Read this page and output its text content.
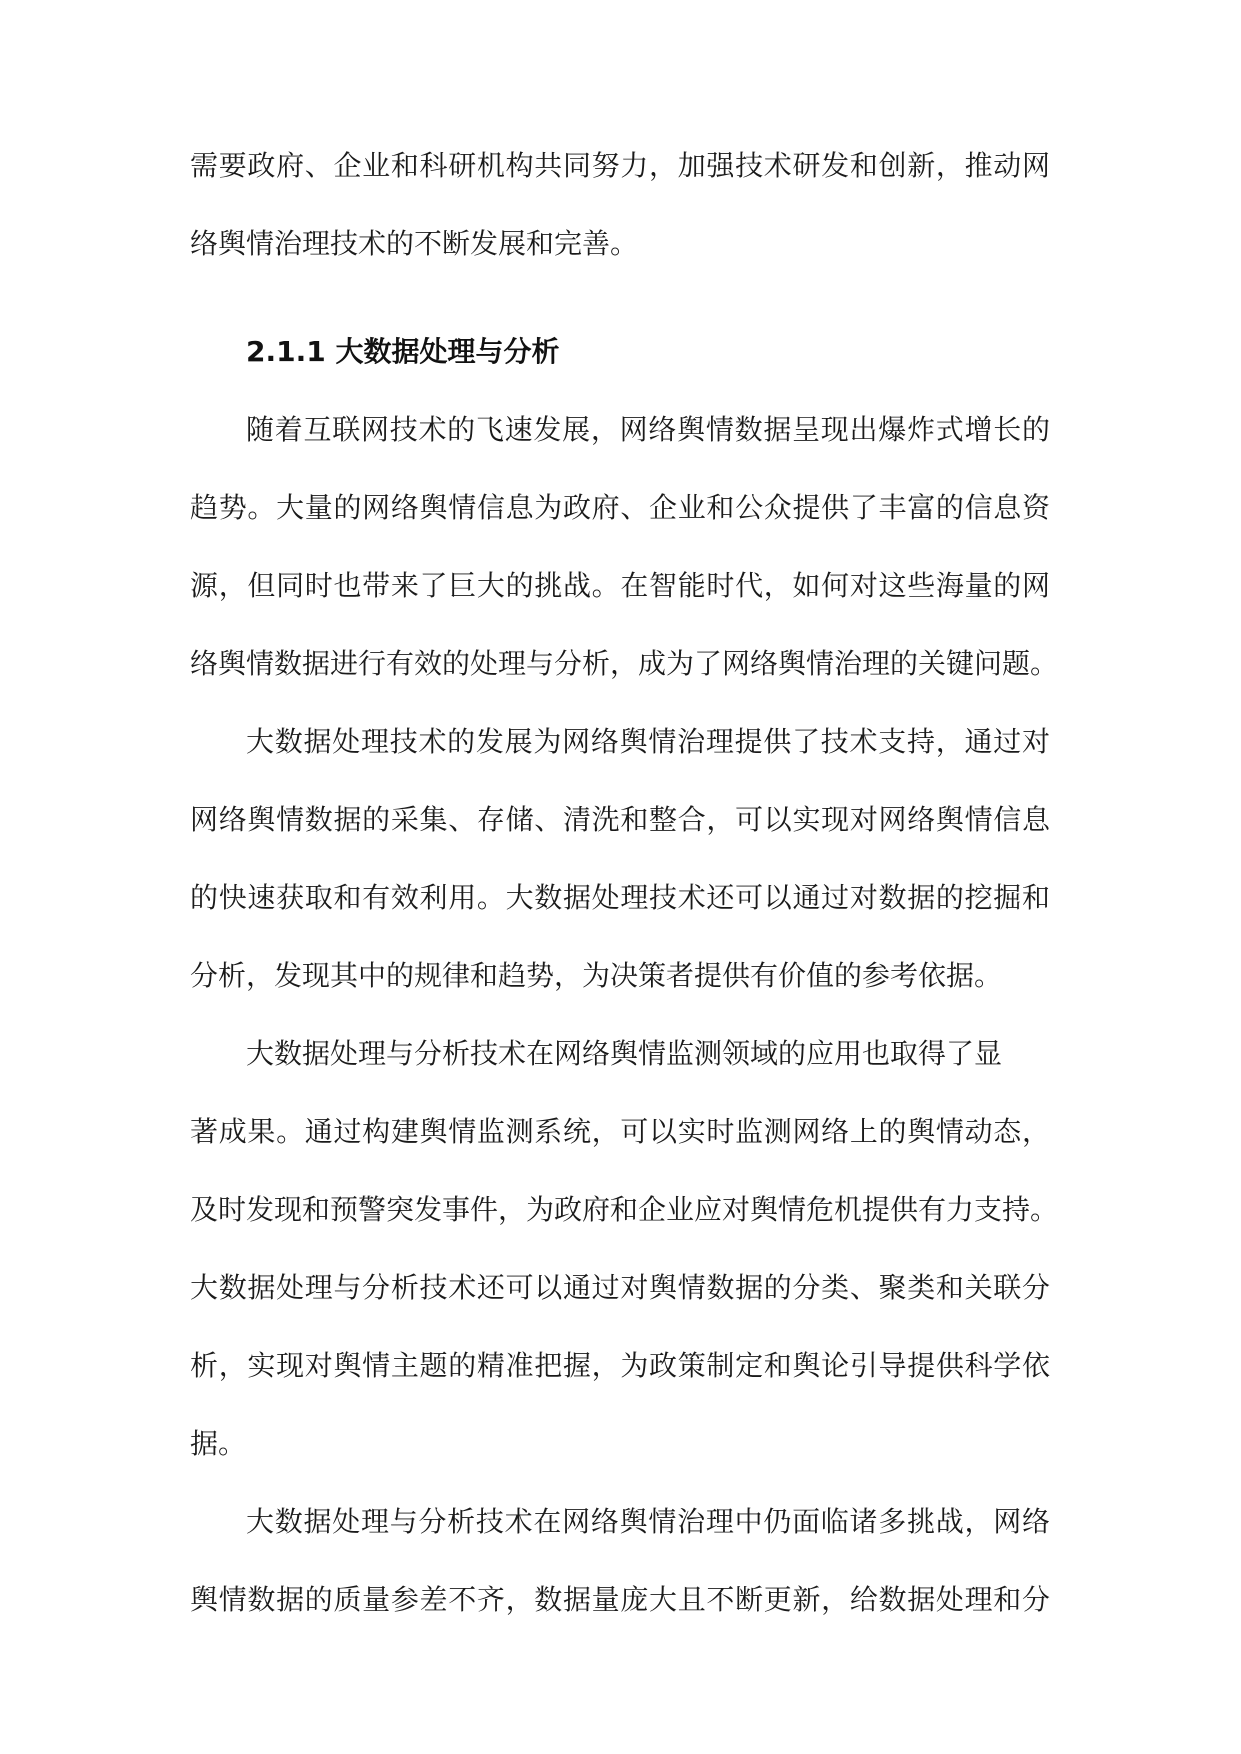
需要政府、企业和科研机构共同努力，加强技术研发和创新，推动网
络舆情治理技术的不断发展和完善。
2.1.1 大数据处理与分析
随着互联网技术的飞速发展，网络舆情数据呈现出爆炸式增长的
趋势。大量的网络舆情信息为政府、企业和公众提供了丰富的信息资
源，但同时也带来了巨大的挑战。在智能时代，如何对这些海量的网
络舆情数据进行有效的处理与分析，成为了网络舆情治理的关键问题。
大数据处理技术的发展为网络舆情治理提供了技术支持，通过对
网络舆情数据的采集、存储、清洗和整合，可以实现对网络舆情信息
的快速获取和有效利用。大数据处理技术还可以通过对数据的挖掘和
分析，发现其中的规律和趋势，为决策者提供有价值的参考依据。
大数据处理与分析技术在网络舆情监测领域的应用也取得了显
著成果。通过构建舆情监测系统，可以实时监测网络上的舆情动态，
及时发现和预警突发事件，为政府和企业应对舆情危机提供有力支持。
大数据处理与分析技术还可以通过对舆情数据的分类、聚类和关联分
析，实现对舆情主题的精准把握，为政策制定和舆论引导提供科学依
据。
大数据处理与分析技术在网络舆情治理中仍面临诸多挑战，网络
舆情数据的质量参差不齐，数据量庞大且不断更新，给数据处理和分
